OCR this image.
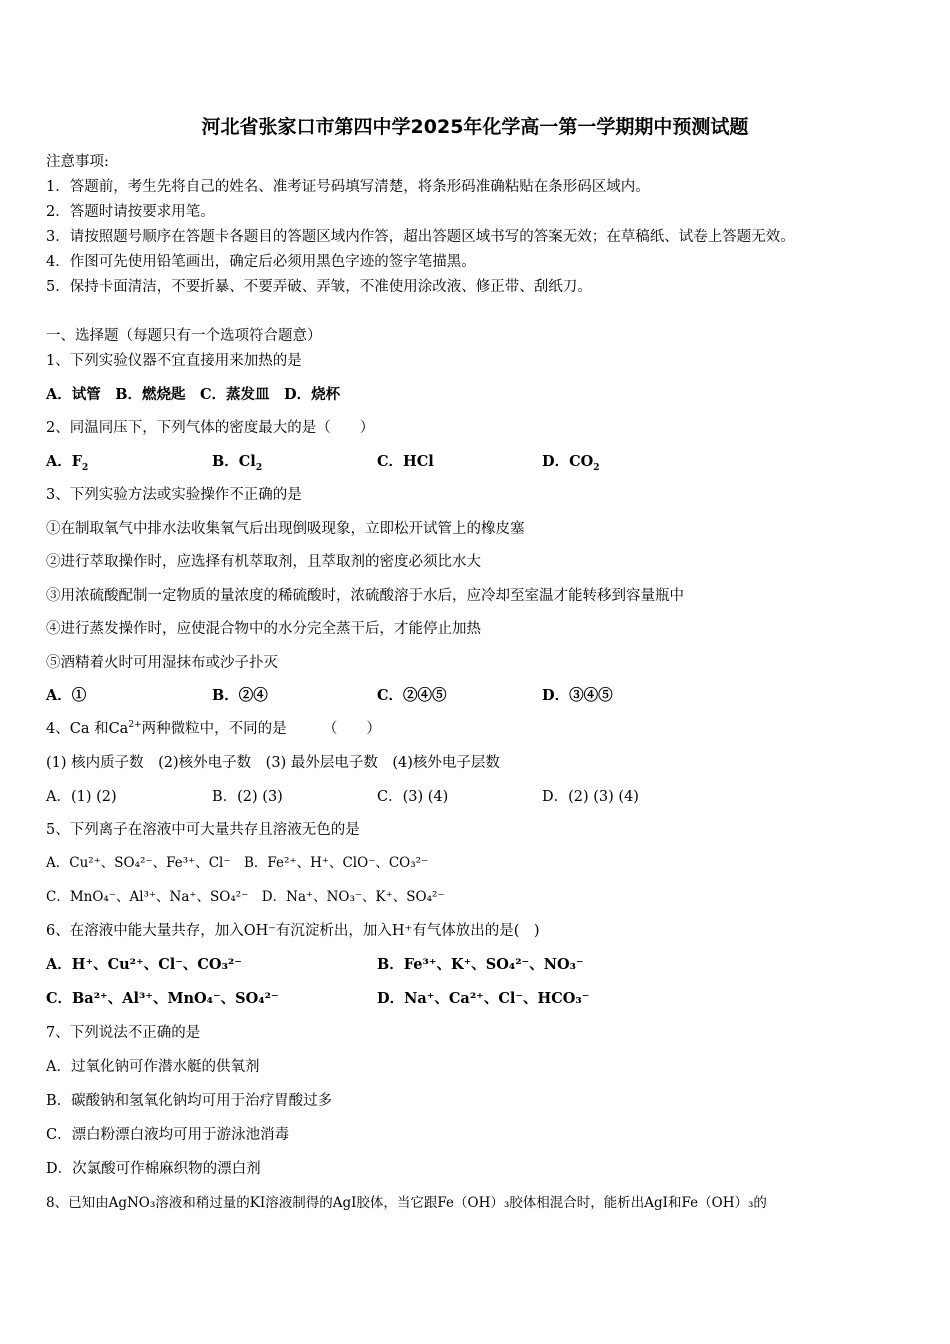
河北省张家口市第四中学2025年化学高一第一学期期中预测试题
注意事项:
1．答题前，考生先将自己的姓名、准考证号码填写清楚，将条形码准确粘贴在条形码区域内。
2．答题时请按要求用笔。
3．请按照题号顺序在答题卡各题目的答题区域内作答，超出答题区域书写的答案无效；在草稿纸、试卷上答题无效。
4．作图可先使用铅笔画出，确定后必须用黑色字迹的签字笔描黑。
5．保持卡面清洁，不要折暴、不要弄破、弄皱，不准使用涂改液、修正带、刮纸刀。
一、选择题（每题只有一个选项符合题意）
1、下列实验仪器不宜直接用来加热的是
A．试管　B．燃烧匙　C．蒸发皿　D．烧杯
2、同温同压下，下列气体的密度最大的是（　　）
A．$F_2$	B．$Cl_2$	C．HCl	D．$CO_2$
3、下列实验方法或实验操作不正确的是
①在制取氧气中排水法收集氧气后出现倒吸现象，立即松开试管上的橡皮塞
②进行萃取操作时，应选择有机萃取剂，且萃取剂的密度必须比水大
③用浓硫酸配制一定物质的量浓度的稀硫酸时，浓硫酸溶于水后，应冷却至室温才能转移到容量瓶中
④进行蒸发操作时，应使混合物中的水分完全蒸干后，才能停止加热
⑤酒精着火时可用湿抹布或沙子扑灭
A．①	B．②④	C．②④⑤	D．③④⑤
4、Ca 和$Ca^{2+}$两种微粒中，不同的是　　　（　　）
(1) 核内质子数　(2)核外电子数　(3) 最外层电子数　(4)核外电子层数
A．(1) (2)	B．(2) (3)	C．(3) (4)	D．(2) (3) (4)
5、下列离子在溶液中可大量共存且溶液无色的是
A．Cu²⁺、SO₄²⁻、Fe³⁺、Cl⁻　B．Fe²⁺、H⁺、ClO⁻、CO₃²⁻
C．MnO₄⁻、Al³⁺、Na⁺、SO₄²⁻　D．Na⁺、NO₃⁻、K⁺、SO₄²⁻
6、在溶液中能大量共存，加入OH⁻有沉淀析出，加入H⁺有气体放出的是(　)
A．H⁺、Cu²⁺、Cl⁻、CO₃²⁻	B．Fe³⁺、K⁺、SO₄²⁻、NO₃⁻
C．Ba²⁺、Al³⁺、MnO₄⁻、SO₄²⁻	D．Na⁺、Ca²⁺、Cl⁻、HCO₃⁻
7、下列说法不正确的是
A．过氧化钠可作潜水艇的供氧剂
B．碳酸钠和氢氧化钠均可用于治疗胃酸过多
C．漂白粉漂白液均可用于游泳池消毒
D．次氯酸可作棉麻织物的漂白剂
8、已知由AgNO₃溶液和稍过量的KI溶液制得的AgI胶体，当它跟Fe（OH）₃胶体相混合时，能析出AgI和Fe（OH）₃的
